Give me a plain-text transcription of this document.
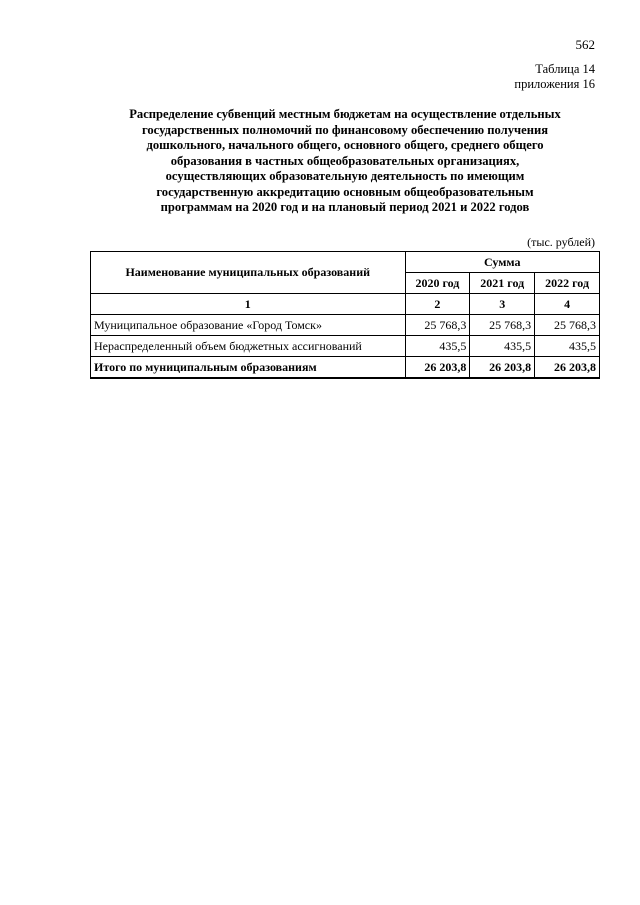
562
Таблица 14
приложения 16
Распределение субвенций местным бюджетам на осуществление отдельных
государственных полномочий по финансовому обеспечению получения
дошкольного, начального общего, основного общего, среднего общего
образования в частных общеобразовательных организациях,
осуществляющих образовательную деятельность по имеющим
государственную аккредитацию основным общеобразовательным
программам на 2020 год и на плановый период 2021 и 2022 годов
(тыс. рублей)
Наименование муниципальных образований	Сумма		
	2020 год	2021 год	2022 год
1	2	3	4
Муниципальное образование «Город Томск»	25 768,3	25 768,3	25 768,3
Нераспределенный объем бюджетных ассигнований	435,5	435,5	435,5
Итого по муниципальным образованиям	26 203,8	26 203,8	26 203,8
